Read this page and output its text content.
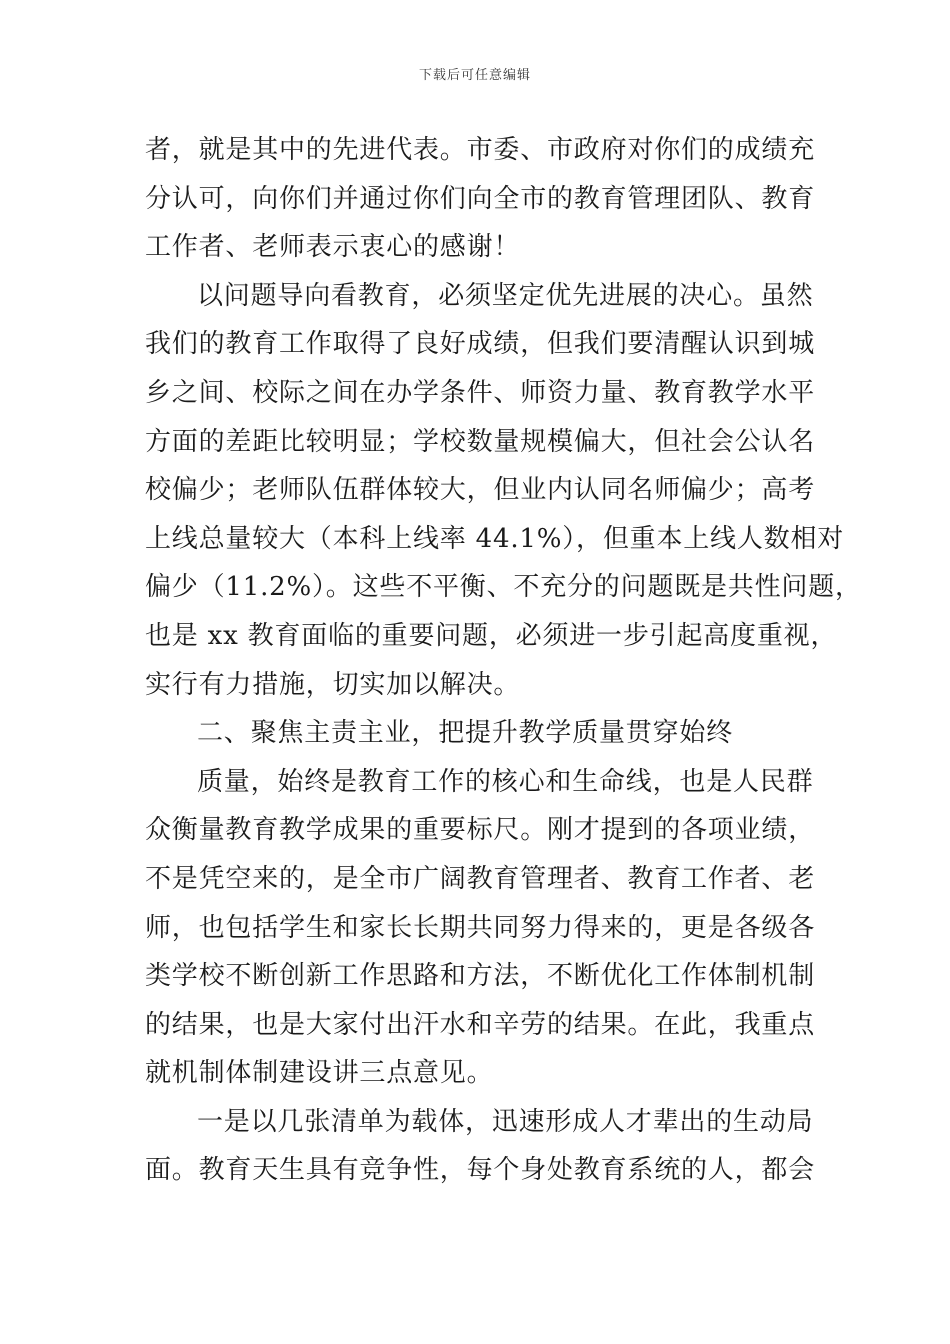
下载后可任意编辑
者，就是其中的先进代表。市委、市政府对你们的成绩充
分认可，向你们并通过你们向全市的教育管理团队、教育
工作者、老师表示衷心的感谢！
以问题导向看教育，必须坚定优先进展的决心。虽然
我们的教育工作取得了良好成绩，但我们要清醒认识到城
乡之间、校际之间在办学条件、师资力量、教育教学水平
方面的差距比较明显；学校数量规模偏大，但社会公认名
校偏少；老师队伍群体较大，但业内认同名师偏少；高考
上线总量较大（本科上线率 44.1%），但重本上线人数相对
偏少（11.2%）。这些不平衡、不充分的问题既是共性问题，
也是 xx 教育面临的重要问题，必须进一步引起高度重视，
实行有力措施，切实加以解决。
二、聚焦主责主业，把提升教学质量贯穿始终
质量，始终是教育工作的核心和生命线，也是人民群
众衡量教育教学成果的重要标尺。刚才提到的各项业绩，
不是凭空来的，是全市广阔教育管理者、教育工作者、老
师，也包括学生和家长长期共同努力得来的，更是各级各
类学校不断创新工作思路和方法，不断优化工作体制机制
的结果，也是大家付出汗水和辛劳的结果。在此，我重点
就机制体制建设讲三点意见。
一是以几张清单为载体，迅速形成人才辈出的生动局
面。教育天生具有竞争性，每个身处教育系统的人，都会
